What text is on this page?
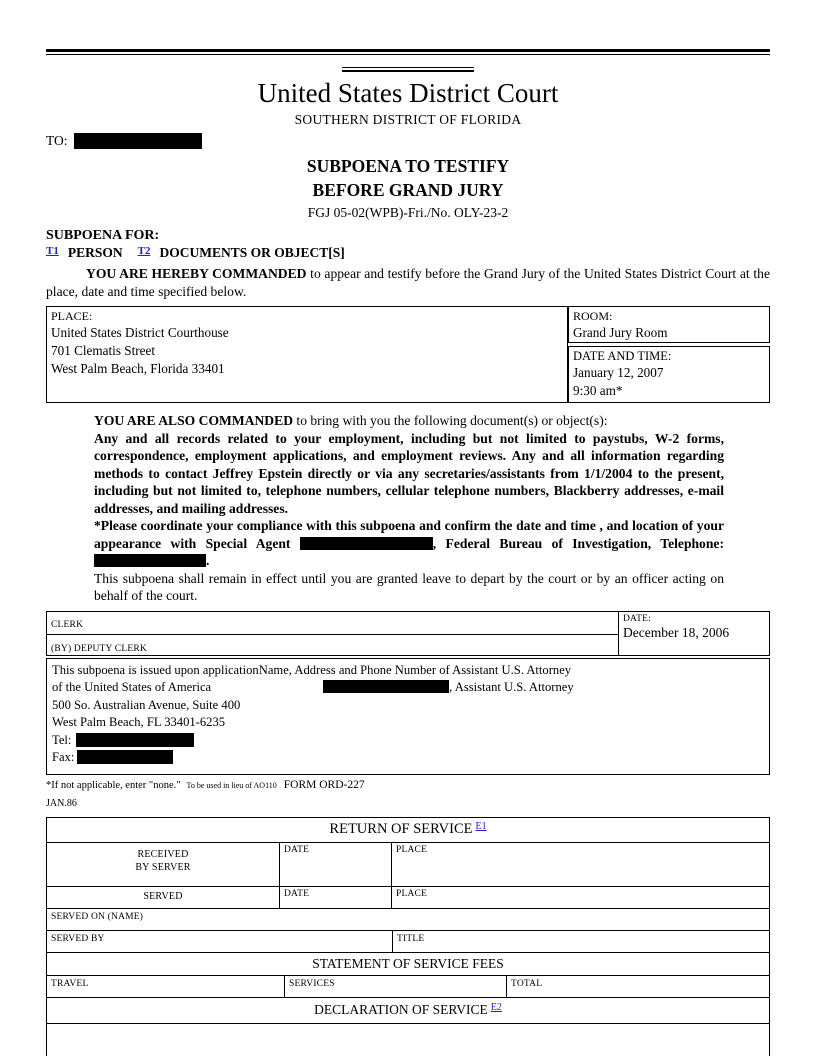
United States District Court
SOUTHERN DISTRICT OF FLORIDA
TO:
SUBPOENA TO TESTIFY
BEFORE GRAND JURY
FGJ 05-02(WPB)-Fri./No. OLY-23-2
SUBPOENA FOR:
$^{T1}$ PERSON $^{T2}$ DOCUMENTS OR OBJECT[S]

YOU ARE HEREBY COMMANDED to appear and testify before the Grand Jury of the United States District Court at the place, date and time specified below.

PLACE:
United States District Courthouse
701 Clematis Street
West Palm Beach, Florida 33401
ROOM:
Grand Jury Room
DATE AND TIME:
January 12, 2007
9:30 am*

YOU ARE ALSO COMMANDED to bring with you the following document(s) or object(s):

Any and all records related to your employment, including but not limited to paystubs, W-2 forms, correspondence, employment applications, and employment reviews. Any and all information regarding methods to contact Jeffrey Epstein directly or via any secretaries/assistants from 1/1/2004 to the present, including but not limited to, telephone numbers, cellular telephone numbers, Blackberry addresses, e-mail addresses, and mailing addresses.

*Please coordinate your compliance with this subpoena and confirm the date and time , and location of your appearance with Special Agent	, Federal Bureau of Investigation, Telephone: .

This subpoena shall remain in effect until you are granted leave to depart by the court or by an officer acting on behalf of the court.

CLERK
(BY) DEPUTY CLERK
DATE:
December 18, 2006
This subpoena is issued upon applicationName, Address and Phone Number of Assistant U.S. Attorney
of the United States of America	, Assistant U.S. Attorney
500 So. Australian Avenue, Suite 400
West Palm Beach, FL 33401-6235
Tel:
Fax:
*If not applicable, enter "none." To be used in lieu of AO110 FORM ORD-227
JAN.86
RETURN OF SERVICE $^{E1}$
RECEIVED
BY SERVER
DATE	PLACE
SERVED	DATE	PLACE
SERVED ON (NAME)
SERVED BY	TITLE
STATEMENT OF SERVICE FEES
TRAVEL	SERVICES	TOTAL
DECLARATION OF SERVICE $^{E2}$
